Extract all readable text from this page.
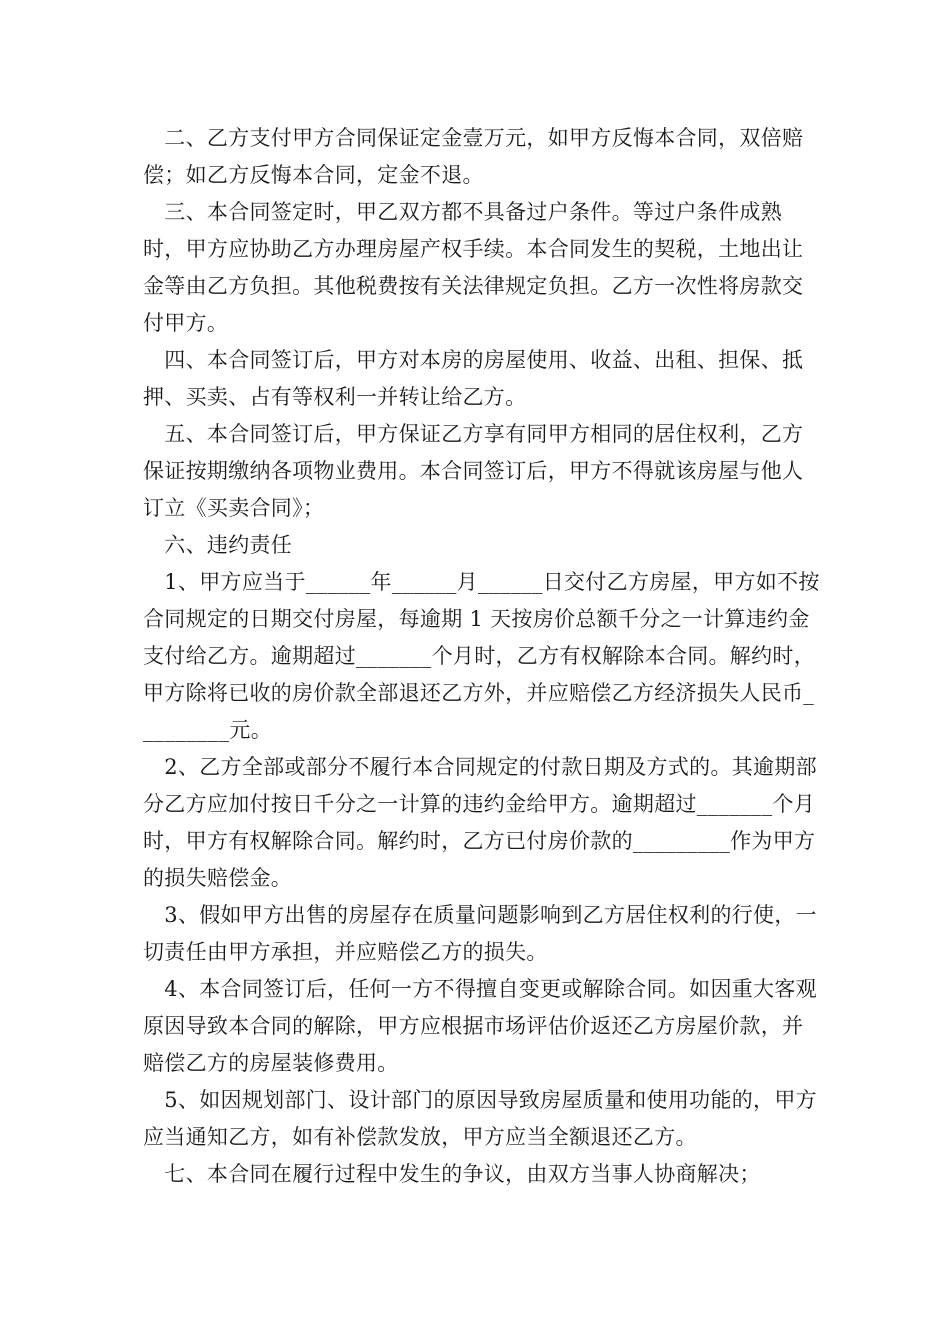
　二、乙方支付甲方合同保证定金壹万元，如甲方反悔本合同，双倍赔偿；如乙方反悔本合同，定金不退。

　三、本合同签定时，甲乙双方都不具备过户条件。等过户条件成熟时，甲方应协助乙方办理房屋产权手续。本合同发生的契税，土地出让金等由乙方负担。其他税费按有关法律规定负担。乙方一次性将房款交付甲方。

　四、本合同签订后，甲方对本房的房屋使用、收益、出租、担保、抵押、买卖、占有等权利一并转让给乙方。

　五、本合同签订后，甲方保证乙方享有同甲方相同的居住权利，乙方保证按期缴纳各项物业费用。本合同签订后，甲方不得就该房屋与他人订立《买卖合同》；

　六、违约责任

　1、甲方应当于______年______月______日交付乙方房屋，甲方如不按合同规定的日期交付房屋，每逾期 1 天按房价总额千分之一计算违约金支付给乙方。逾期超过_______个月时，乙方有权解除本合同。解约时，甲方除将已收的房价款全部退还乙方外，并应赔偿乙方经济损失人民币_________元。

　2、乙方全部或部分不履行本合同规定的付款日期及方式的。其逾期部分乙方应加付按日千分之一计算的违约金给甲方。逾期超过_______个月时，甲方有权解除合同。解约时，乙方已付房价款的_________作为甲方的损失赔偿金。

　3、假如甲方出售的房屋存在质量问题影响到乙方居住权利的行使，一切责任由甲方承担，并应赔偿乙方的损失。

　4、本合同签订后，任何一方不得擅自变更或解除合同。如因重大客观原因导致本合同的解除，甲方应根据市场评估价返还乙方房屋价款，并赔偿乙方的房屋装修费用。

　5、如因规划部门、设计部门的原因导致房屋质量和使用功能的，甲方应当通知乙方，如有补偿款发放，甲方应当全额退还乙方。

　七、本合同在履行过程中发生的争议，由双方当事人协商解决；
